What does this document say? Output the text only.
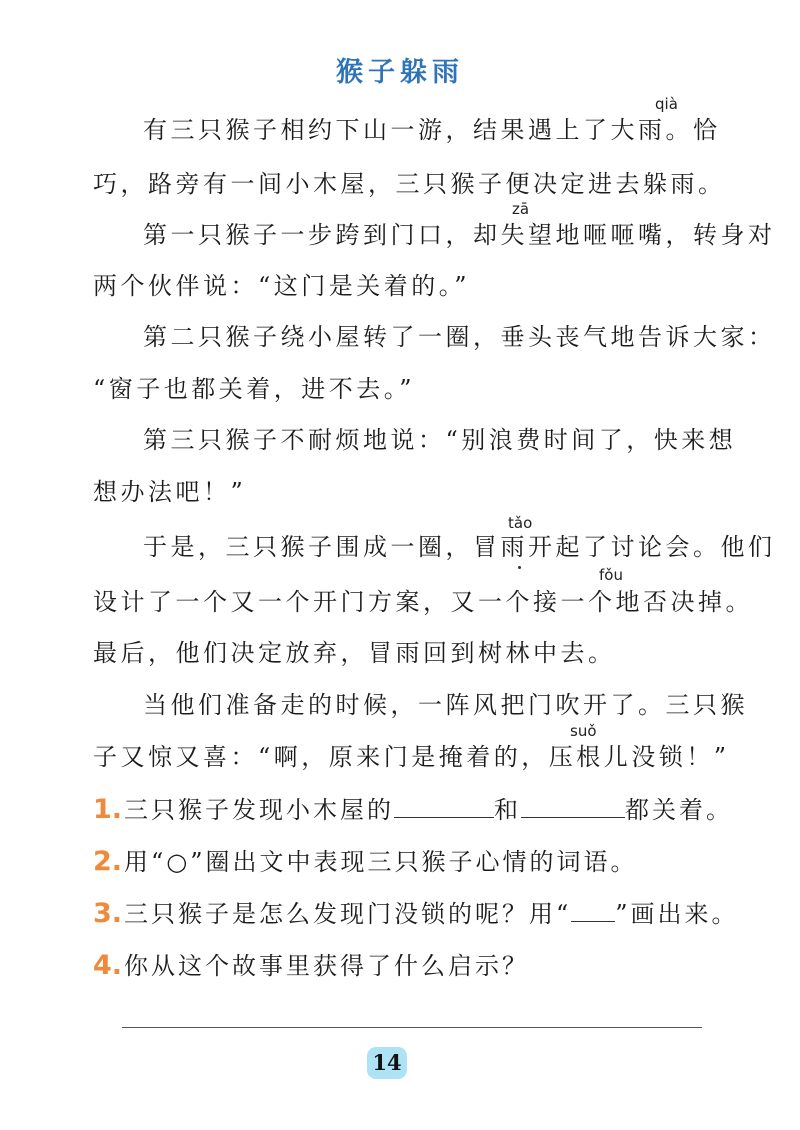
猴子躲雨
qià
zā
tǎo
fǒu
suǒ
有三只猴子相约下山一游，结果遇上了大雨。恰
巧，路旁有一间小木屋，三只猴子便决定进去躲雨。
第一只猴子一步跨到门口，却失望地咂咂嘴，转身对
两个伙伴说：“这门是关着的。”
第二只猴子绕小屋转了一圈，垂头丧气地告诉大家：
“窗子也都关着，进不去。”
第三只猴子不耐烦地说：“别浪费时间了，快来想
想办法吧！”
于是，三只猴子围成一圈，冒雨开起了讨论会。他们
设计了一个又一个开门方案，又一个接一个地否决掉。
最后，他们决定放弃，冒雨回到树林中去。
当他们准备走的时候，一阵风把门吹开了。三只猴
子又惊又喜：“啊，原来门是掩着的，压根儿没锁！”
1. 三只猴子发现小木屋的	和	都关着。
2. 用“○”圈出文中表现三只猴子心情的词语。
3. 三只猴子是怎么发现门没锁的呢？用“ ”画出来。
4. 你从这个故事里获得了什么启示？
14
